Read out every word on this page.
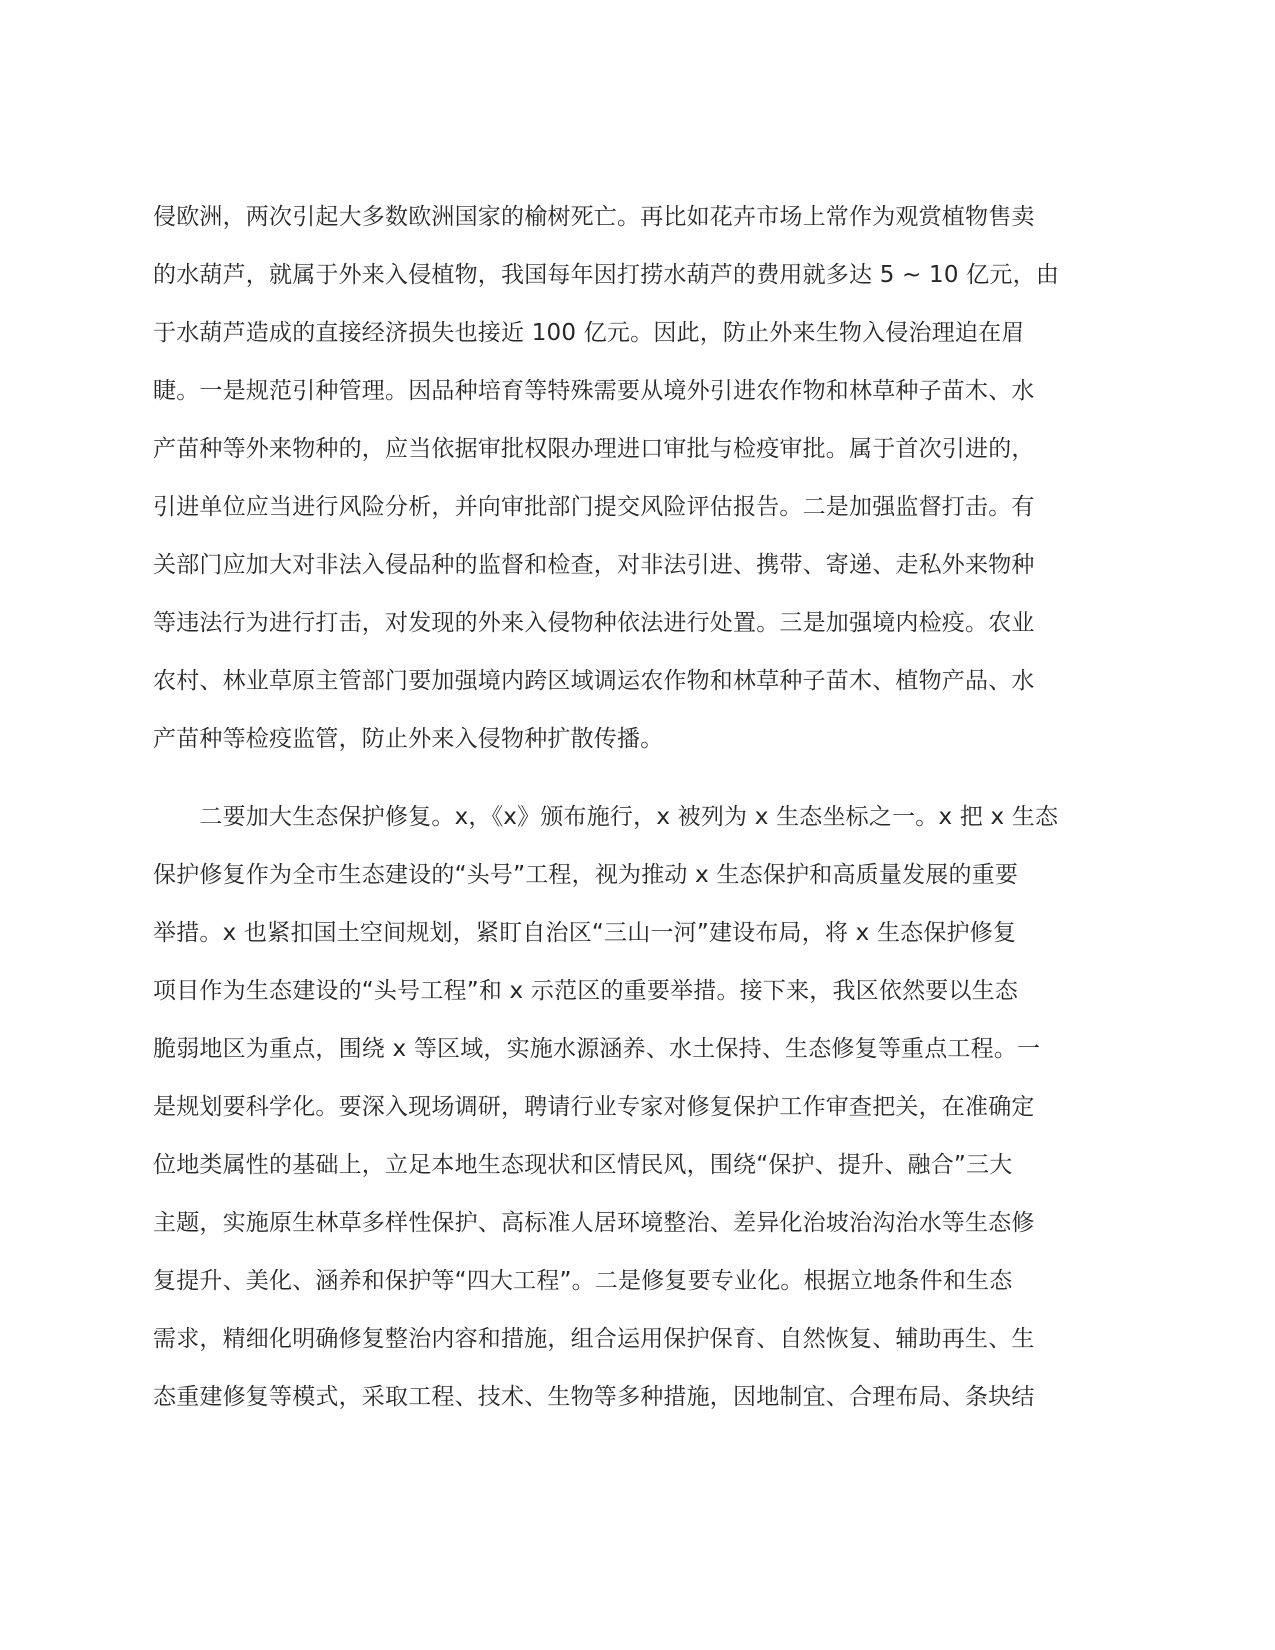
侵欧洲，两次引起大多数欧洲国家的榆树死亡。再比如花卉市场上常作为观赏植物售卖
的水葫芦，就属于外来入侵植物，我国每年因打捞水葫芦的费用就多达 5 ~ 10 亿元，由
于水葫芦造成的直接经济损失也接近 100 亿元。因此，防止外来生物入侵治理迫在眉
睫。一是规范引种管理。因品种培育等特殊需要从境外引进农作物和林草种子苗木、水
产苗种等外来物种的，应当依据审批权限办理进口审批与检疫审批。属于首次引进的，
引进单位应当进行风险分析，并向审批部门提交风险评估报告。二是加强监督打击。有
关部门应加大对非法入侵品种的监督和检查，对非法引进、携带、寄递、走私外来物种
等违法行为进行打击，对发现的外来入侵物种依法进行处置。三是加强境内检疫。农业
农村、林业草原主管部门要加强境内跨区域调运农作物和林草种子苗木、植物产品、水
产苗种等检疫监管，防止外来入侵物种扩散传播。
　　二要加大生态保护修复。x，《x》颁布施行，x 被列为 x 生态坐标之一。x 把 x 生态
保护修复作为全市生态建设的“头号”工程，视为推动 x 生态保护和高质量发展的重要
举措。x 也紧扣国土空间规划，紧盯自治区“三山一河”建设布局，将 x 生态保护修复
项目作为生态建设的“头号工程”和 x 示范区的重要举措。接下来，我区依然要以生态
脆弱地区为重点，围绕 x 等区域，实施水源涵养、水土保持、生态修复等重点工程。一
是规划要科学化。要深入现场调研，聘请行业专家对修复保护工作审查把关，在准确定
位地类属性的基础上，立足本地生态现状和区情民风，围绕“保护、提升、融合”三大
主题，实施原生林草多样性保护、高标准人居环境整治、差异化治坡治沟治水等生态修
复提升、美化、涵养和保护等“四大工程”。二是修复要专业化。根据立地条件和生态
需求，精细化明确修复整治内容和措施，组合运用保护保育、自然恢复、辅助再生、生
态重建修复等模式，采取工程、技术、生物等多种措施，因地制宜、合理布局、条块结
